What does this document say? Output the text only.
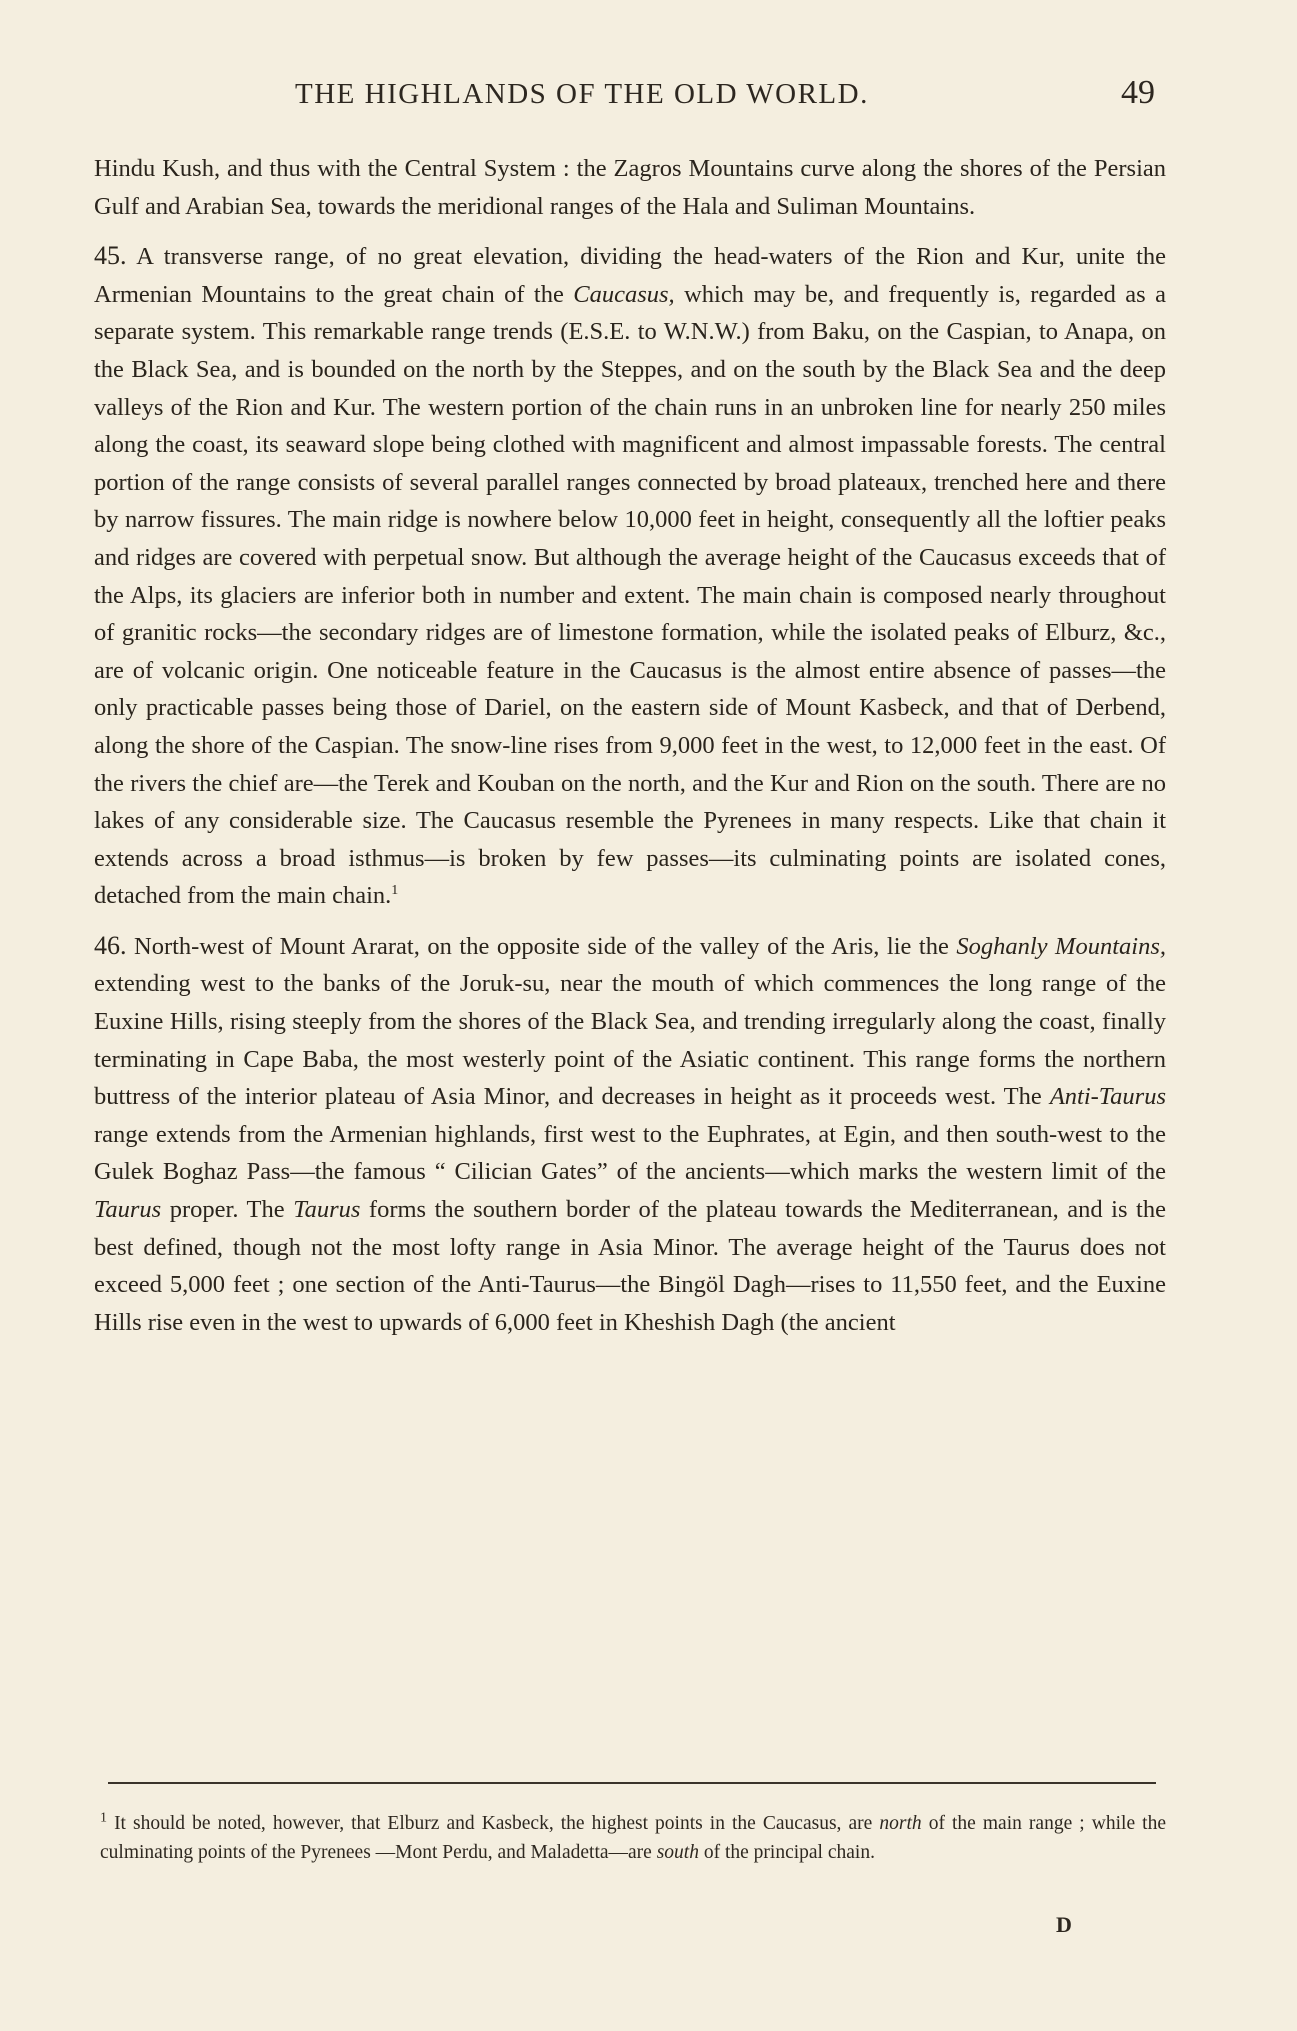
THE HIGHLANDS OF THE OLD WORLD.	49

Hindu Kush, and thus with the Central System : the Zagros Mountains curve along the shores of the Persian Gulf and Arabian Sea, towards the meridional ranges of the Hala and Suliman Mountains.

45. A transverse range, of no great elevation, dividing the head-waters of the Rion and Kur, unite the Armenian Mountains to the great chain of the Caucasus, which may be, and frequently is, regarded as a separate system. This remarkable range trends (E.S.E. to W.N.W.) from Baku, on the Caspian, to Anapa, on the Black Sea, and is bounded on the north by the Steppes, and on the south by the Black Sea and the deep valleys of the Rion and Kur. The western portion of the chain runs in an unbroken line for nearly 250 miles along the coast, its seaward slope being clothed with magnificent and almost impassable forests. The central portion of the range consists of several parallel ranges connected by broad plateaux, trenched here and there by narrow fissures. The main ridge is nowhere below 10,000 feet in height, consequently all the loftier peaks and ridges are covered with perpetual snow. But although the average height of the Caucasus exceeds that of the Alps, its glaciers are inferior both in number and extent. The main chain is composed nearly throughout of granitic rocks—the secondary ridges are of limestone formation, while the isolated peaks of Elburz, &c., are of volcanic origin. One noticeable feature in the Caucasus is the almost entire absence of passes—the only practicable passes being those of Dariel, on the eastern side of Mount Kasbeck, and that of Derbend, along the shore of the Caspian. The snow-line rises from 9,000 feet in the west, to 12,000 feet in the east. Of the rivers the chief are—the Terek and Kouban on the north, and the Kur and Rion on the south. There are no lakes of any considerable size. The Caucasus resemble the Pyrenees in many respects. Like that chain it extends across a broad isthmus—is broken by few passes—its culminating points are isolated cones, detached from the main chain.$^1$

46. North-west of Mount Ararat, on the opposite side of the valley of the Aris, lie the Soghanly Mountains, extending west to the banks of the Joruk-su, near the mouth of which commences the long range of the Euxine Hills, rising steeply from the shores of the Black Sea, and trending irregularly along the coast, finally terminating in Cape Baba, the most westerly point of the Asiatic continent. This range forms the northern buttress of the interior plateau of Asia Minor, and decreases in height as it proceeds west. The Anti-Taurus range extends from the Armenian highlands, first west to the Euphrates, at Egin, and then south-west to the Gulek Boghaz Pass—the famous “ Cilician Gates” of the ancients—which marks the western limit of the Taurus proper. The Taurus forms the southern border of the plateau towards the Mediterranean, and is the best defined, though not the most lofty range in Asia Minor. The average height of the Taurus does not exceed 5,000 feet ; one section of the Anti-Taurus—the Bingöl Dagh—rises to 11,550 feet, and the Euxine Hills rise even in the west to upwards of 6,000 feet in Kheshish Dagh (the ancient

$^1$ It should be noted, however, that Elburz and Kasbeck, the highest points in the Caucasus, are north of the main range ; while the culminating points of the Pyrenees —Mont Perdu, and Maladetta—are south of the principal chain.

D
